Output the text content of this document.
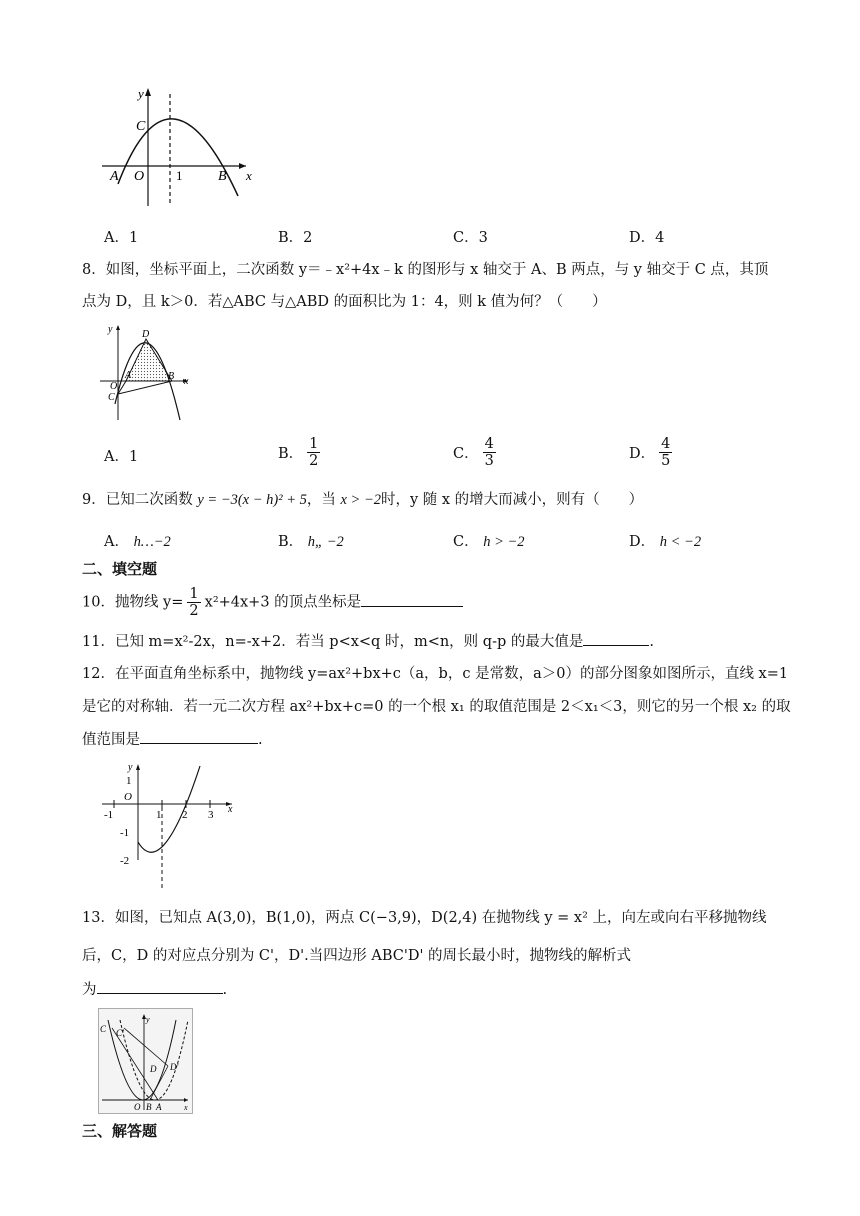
y
x
C
A O 1	B
A．1	B．2	C．3	D．4
8．如图，坐标平面上，二次函数 y＝﹣x²+4x﹣k 的图形与 x 轴交于 A、B 两点，与 y 轴交于 C 点，其顶
点为 D，且 k＞0．若△ABC 与△ABD 的面积比为 1：4，则 k 值为何？（　　）
y	D
B x
A
O
C
A．1	B． $\frac{1}{2}$	C． $\frac{4}{3}$	D． $\frac{4}{5}$
9．已知二次函数 y = −3(x − h)² + 5，当 x > −2时，y 随 x 的增大而减小，则有（　　）
A． h…−2	B． h„ −2	C． h > −2	D． h < −2
二、填空题
10．抛物线 $y= \frac{1}{2} x^2+4x+3$ 的顶点坐标是
11．已知 m=x²-2x，n=-x+2．若当 p<x<q 时，m<n，则 q-p 的最大值是	.
12．在平面直角坐标系中，抛物线 y=ax²+bx+c（a，b，c 是常数，a＞0）的部分图象如图所示，直线 x=1
是它的对称轴．若一元二次方程 ax²+bx+c=0 的一个根 x₁ 的取值范围是 2＜x₁＜3，则它的另一个根 x₂ 的取
值范围是	.
y
1
O
x
-1	1 2 3
-1
-2
13．如图，已知点 A(3,0)，B(1,0)，两点 C(−3,9)，D(2,4) 在抛物线 y = x² 上，向左或向右平移抛物线
后，C，D 的对应点分别为 C'，D'.当四边形 ABC'D' 的周长最小时，抛物线的解析式
为	.
C C'
y
D D'
O B A	x
三、解答题
